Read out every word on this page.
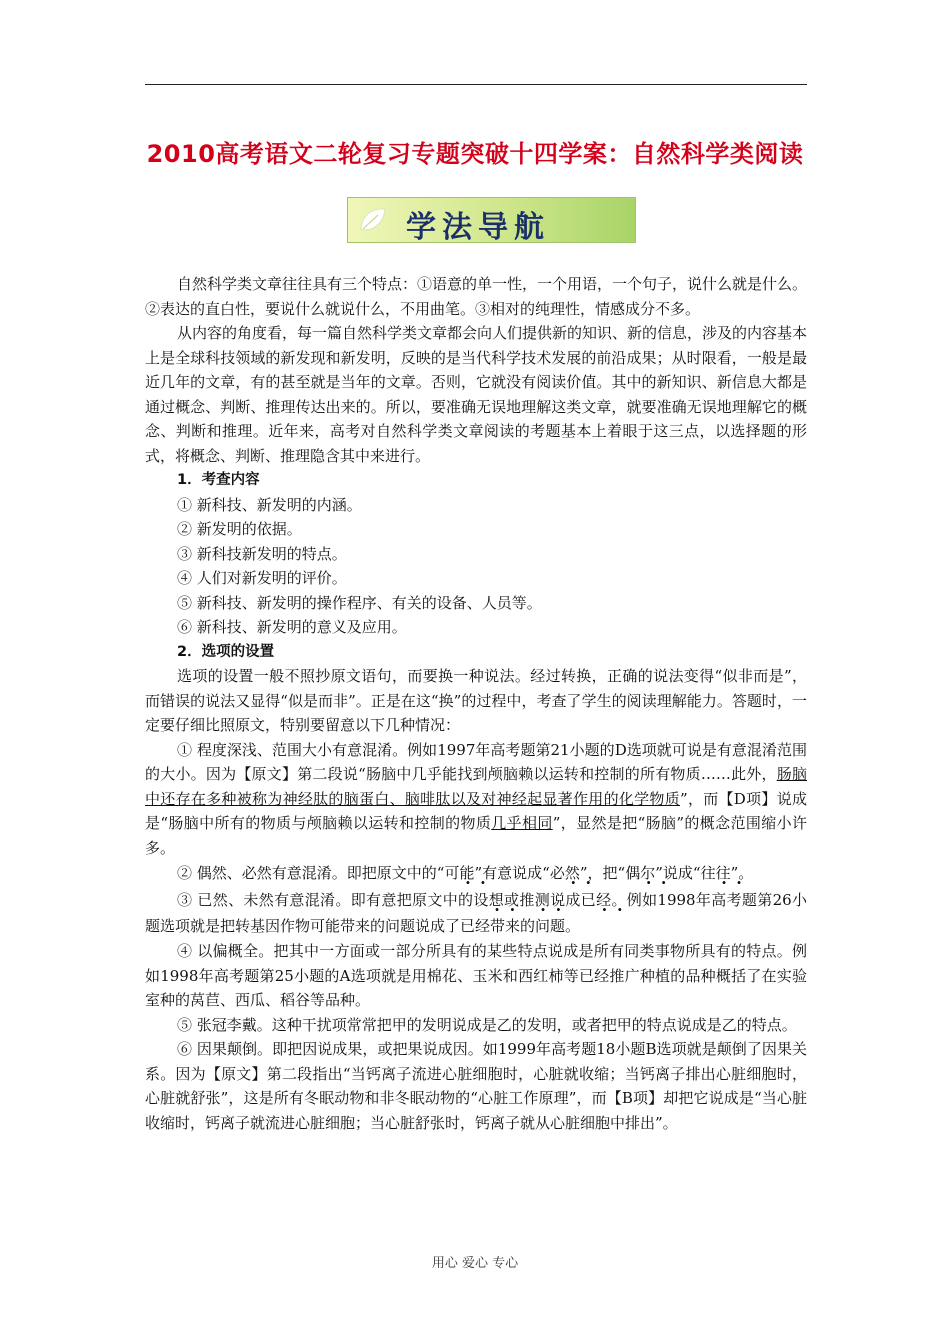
2010高考语文二轮复习专题突破十四学案：自然科学类阅读
学法导航

自然科学类文章往往具有三个特点：①语意的单一性，一个用语，一个句子，说什么就是什么。②表达的直白性，要说什么就说什么，不用曲笔。③相对的纯理性，情感成分不多。

从内容的角度看，每一篇自然科学类文章都会向人们提供新的知识、新的信息，涉及的内容基本上是全球科技领域的新发现和新发明，反映的是当代科学技术发展的前沿成果；从时限看，一般是最近几年的文章，有的甚至就是当年的文章。否则，它就没有阅读价值。其中的新知识、新信息大都是通过概念、判断、推理传达出来的。所以，要准确无误地理解这类文章，就要准确无误地理解它的概念、判断和推理。近年来，高考对自然科学类文章阅读的考题基本上着眼于这三点，以选择题的形式，将概念、判断、推理隐含其中来进行。

1．考查内容

① 新科技、新发明的内涵。

② 新发明的依据。

③ 新科技新发明的特点。

④ 人们对新发明的评价。

⑤ 新科技、新发明的操作程序、有关的设备、人员等。

⑥ 新科技、新发明的意义及应用。

2．选项的设置

选项的设置一般不照抄原文语句，而要换一种说法。经过转换，正确的说法变得“似非而是”，而错误的说法又显得“似是而非”。正是在这“换”的过程中，考查了学生的阅读理解能力。答题时，一定要仔细比照原文，特别要留意以下几种情况：

① 程度深浅、范围大小有意混淆。例如1997年高考题第21小题的D选项就可说是有意混淆范围的大小。因为【原文】第二段说“肠脑中几乎能找到颅脑赖以运转和控制的所有物质……此外，肠脑中还存在多种被称为神经肽的脑蛋白、脑啡肽以及对神经起显著作用的化学物质”，而【D项】说成是“肠脑中所有的物质与颅脑赖以运转和控制的物质几乎相同”，显然是把“肠脑”的概念范围缩小许多。

② 偶然、必然有意混淆。即把原文中的“可能”有意说成“必然”，把“偶尔”说成“往往”。

③ 已然、未然有意混淆。即有意把原文中的设想或推测说成已经。例如1998年高考题第26小题选项就是把转基因作物可能带来的问题说成了已经带来的问题。

④ 以偏概全。把其中一方面或一部分所具有的某些特点说成是所有同类事物所具有的特点。例如1998年高考题第25小题的A选项就是用棉花、玉米和西红柿等已经推广种植的品种概括了在实验室种的莴苣、西瓜、稻谷等品种。

⑤ 张冠李戴。这种干扰项常常把甲的发明说成是乙的发明，或者把甲的特点说成是乙的特点。

⑥ 因果颠倒。即把因说成果，或把果说成因。如1999年高考题18小题B选项就是颠倒了因果关系。因为【原文】第二段指出“当钙离子流进心脏细胞时，心脏就收缩；当钙离子排出心脏细胞时，心脏就舒张”，这是所有冬眠动物和非冬眠动物的“心脏工作原理”，而【B项】却把它说成是“当心脏收缩时，钙离子就流进心脏细胞；当心脏舒张时，钙离子就从心脏细胞中排出”。

用心 爱心 专心
